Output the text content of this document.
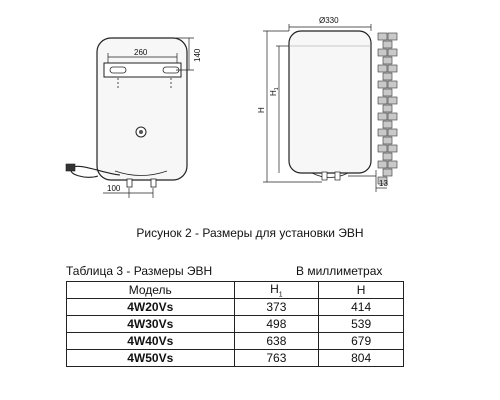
260	140
100
Ø330
H
$H_1$
13
Рисунок 2 - Размеры для установки ЭВН
Таблица 3 - Размеры ЭВН	В миллиметрах
Модель	$H_1$	H
4W20Vs	373	414
4W30Vs	498	539
4W40Vs	638	679
4W50Vs	763	804
